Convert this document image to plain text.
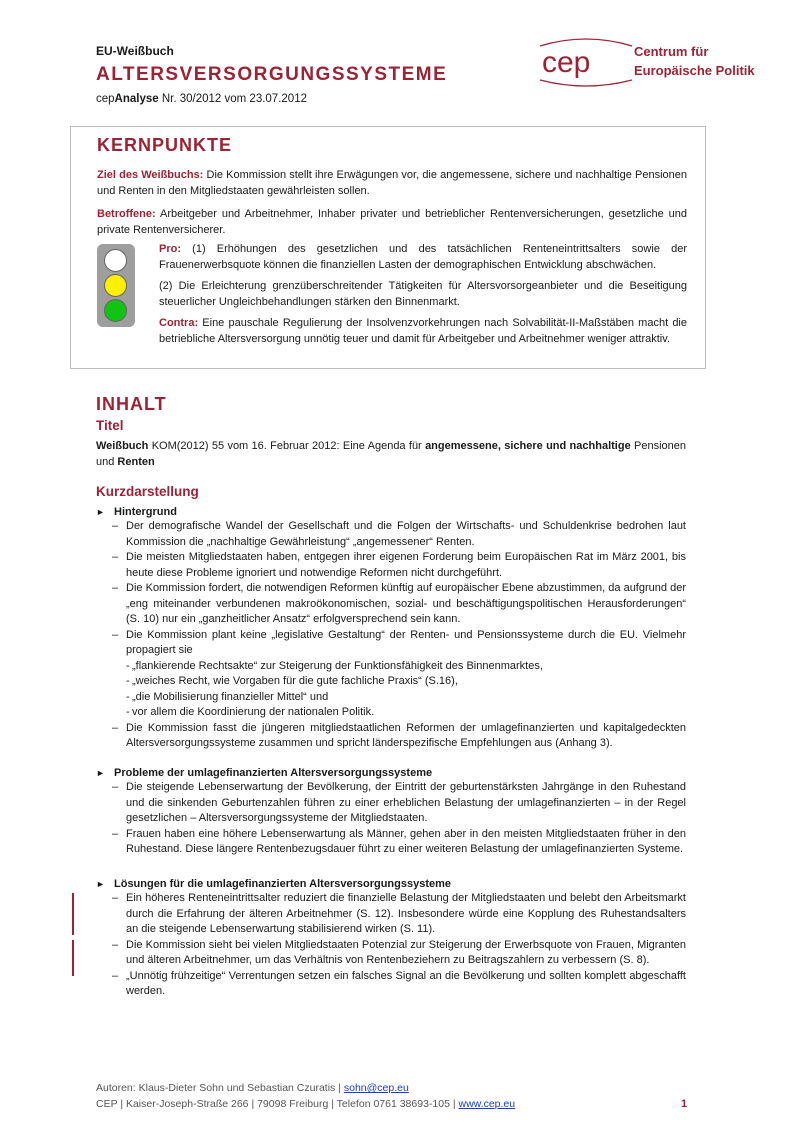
EU-Weißbuch
ALTERSVERSORGUNGSSYSTEME
cepAnalyse Nr. 30/2012 vom 23.07.2012
cep	Centrum für
Europäische Politik
KERNPUNKTE
Ziel des Weißbuchs: Die Kommission stellt ihre Erwägungen vor, die angemessene, sichere und nachhaltige Pensionen und Renten in den Mitgliedstaaten gewährleisten sollen.
Betroffene: Arbeitgeber und Arbeitnehmer, Inhaber privater und betrieblicher Rentenversicherungen, gesetzliche und private Rentenversicherer.
Pro: (1) Erhöhungen des gesetzlichen und des tatsächlichen Renteneintrittsalters sowie der Frauenerwerbsquote können die finanziellen Lasten der demographischen Entwicklung abschwächen.
(2) Die Erleichterung grenzüberschreitender Tätigkeiten für Altersvorsorgeanbieter und die Beseitigung steuerlicher Ungleichbehandlungen stärken den Binnenmarkt.
Contra: Eine pauschale Regulierung der Insolvenzvorkehrungen nach Solvabilität-II-Maßstäben macht die betriebliche Altersversorgung unnötig teuer und damit für Arbeitgeber und Arbeitnehmer weniger attraktiv.
INHALT
Titel
Weißbuch KOM(2012) 55 vom 16. Februar 2012: Eine Agenda für angemessene, sichere und nachhaltige Pensionen und Renten
Kurzdarstellung
► Hintergrund

– Der demografische Wandel der Gesellschaft und die Folgen der Wirtschafts- und Schuldenkrise bedrohen laut Kommission die „nachhaltige Gewährleistung“ „angemessener“ Renten.

– Die meisten Mitgliedstaaten haben, entgegen ihrer eigenen Forderung beim Europäischen Rat im März 2001, bis heute diese Probleme ignoriert und notwendige Reformen nicht durchgeführt.

– Die Kommission fordert, die notwendigen Reformen künftig auf europäischer Ebene abzustimmen, da aufgrund der „eng miteinander verbundenen makroökonomischen, sozial- und beschäftigungspolitischen Herausforderungen“ (S. 10) nur ein „ganzheitlicher Ansatz“ erfolgversprechend sein kann.

– Die Kommission plant keine „legislative Gestaltung“ der Renten- und Pensionssysteme durch die EU. Vielmehr propagiert sie

- „flankierende Rechtsakte“ zur Steigerung der Funktionsfähigkeit des Binnenmarktes,

- „weiches Recht, wie Vorgaben für die gute fachliche Praxis“ (S.16),

- „die Mobilisierung finanzieller Mittel“ und

- vor allem die Koordinierung der nationalen Politik.

– Die Kommission fasst die jüngeren mitgliedstaatlichen Reformen der umlagefinanzierten und kapitalgedeckten Altersversorgungssysteme zusammen und spricht länderspezifische Empfehlungen aus (Anhang 3).

► Probleme der umlagefinanzierten Altersversorgungssysteme

– Die steigende Lebenserwartung der Bevölkerung, der Eintritt der geburtenstärksten Jahrgänge in den Ruhestand und die sinkenden Geburtenzahlen führen zu einer erheblichen Belastung der umlagefinanzierten – in der Regel gesetzlichen – Altersversorgungssysteme der Mitgliedstaaten.

– Frauen haben eine höhere Lebenserwartung als Männer, gehen aber in den meisten Mitgliedstaaten früher in den Ruhestand. Diese längere Rentenbezugsdauer führt zu einer weiteren Belastung der umlagefinanzierten Systeme.

► Lösungen für die umlagefinanzierten Altersversorgungssysteme

– Ein höheres Renteneintrittsalter reduziert die finanzielle Belastung der Mitgliedstaaten und belebt den Arbeitsmarkt durch die Erfahrung der älteren Arbeitnehmer (S. 12). Insbesondere würde eine Kopplung des Ruhestandsalters an die steigende Lebenserwartung stabilisierend wirken (S. 11).

– Die Kommission sieht bei vielen Mitgliedstaaten Potenzial zur Steigerung der Erwerbsquote von Frauen, Migranten und älteren Arbeitnehmer, um das Verhältnis von Rentenbeziehern zu Beitragszahlern zu verbessern (S. 8).

– „Unnötig frühzeitige“ Verrentungen setzen ein falsches Signal an die Bevölkerung und sollten komplett abgeschafft werden.

Autoren: Klaus-Dieter Sohn und Sebastian Czuratis | sohn@cep.eu
CEP | Kaiser-Joseph-Straße 266 | 79098 Freiburg | Telefon 0761 38693-105 | www.cep.eu	1
